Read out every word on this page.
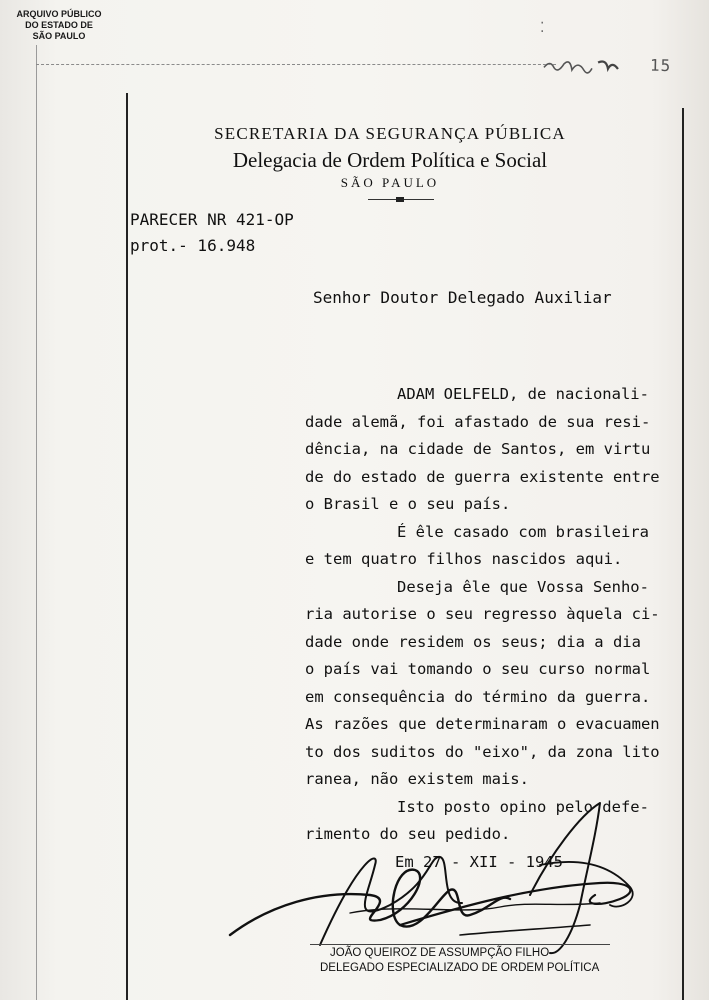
ARQUIVO PÚBLICO
DO ESTADO DE
SÃO PAULO	⁚
15
SECRETARIA DA SEGURANÇA PÚBLICA
Delegacia de Ordem Política e Social
SÃO PAULO
PARECER NR 421-OP
prot.- 16.948
Senhor Doutor Delegado Auxiliar
ADAM OELFELD, de nacionali-
dade alemã, foi afastado de sua resi-
dência, na cidade de Santos, em virtu
de do estado de guerra existente entre
o Brasil e o seu país.
É êle casado com brasileira
e tem quatro filhos nascidos aqui.
Deseja êle que Vossa Senho-
ria autorise o seu regresso àquela ci-
dade onde residem os seus; dia a dia
o país vai tomando o seu curso normal
em consequência do término da guerra.
As razões que determinaram o evacuamen
to dos suditos do "eixo", da zona lito
ranea, não existem mais.
Isto posto opino pelo defe-
rimento do seu pedido.
Em 27 - XII - 1945
JOÃO QUEIROZ DE ASSUMPÇÃO FILHO
DELEGADO ESPECIALIZADO DE ORDEM POLÍTICA
